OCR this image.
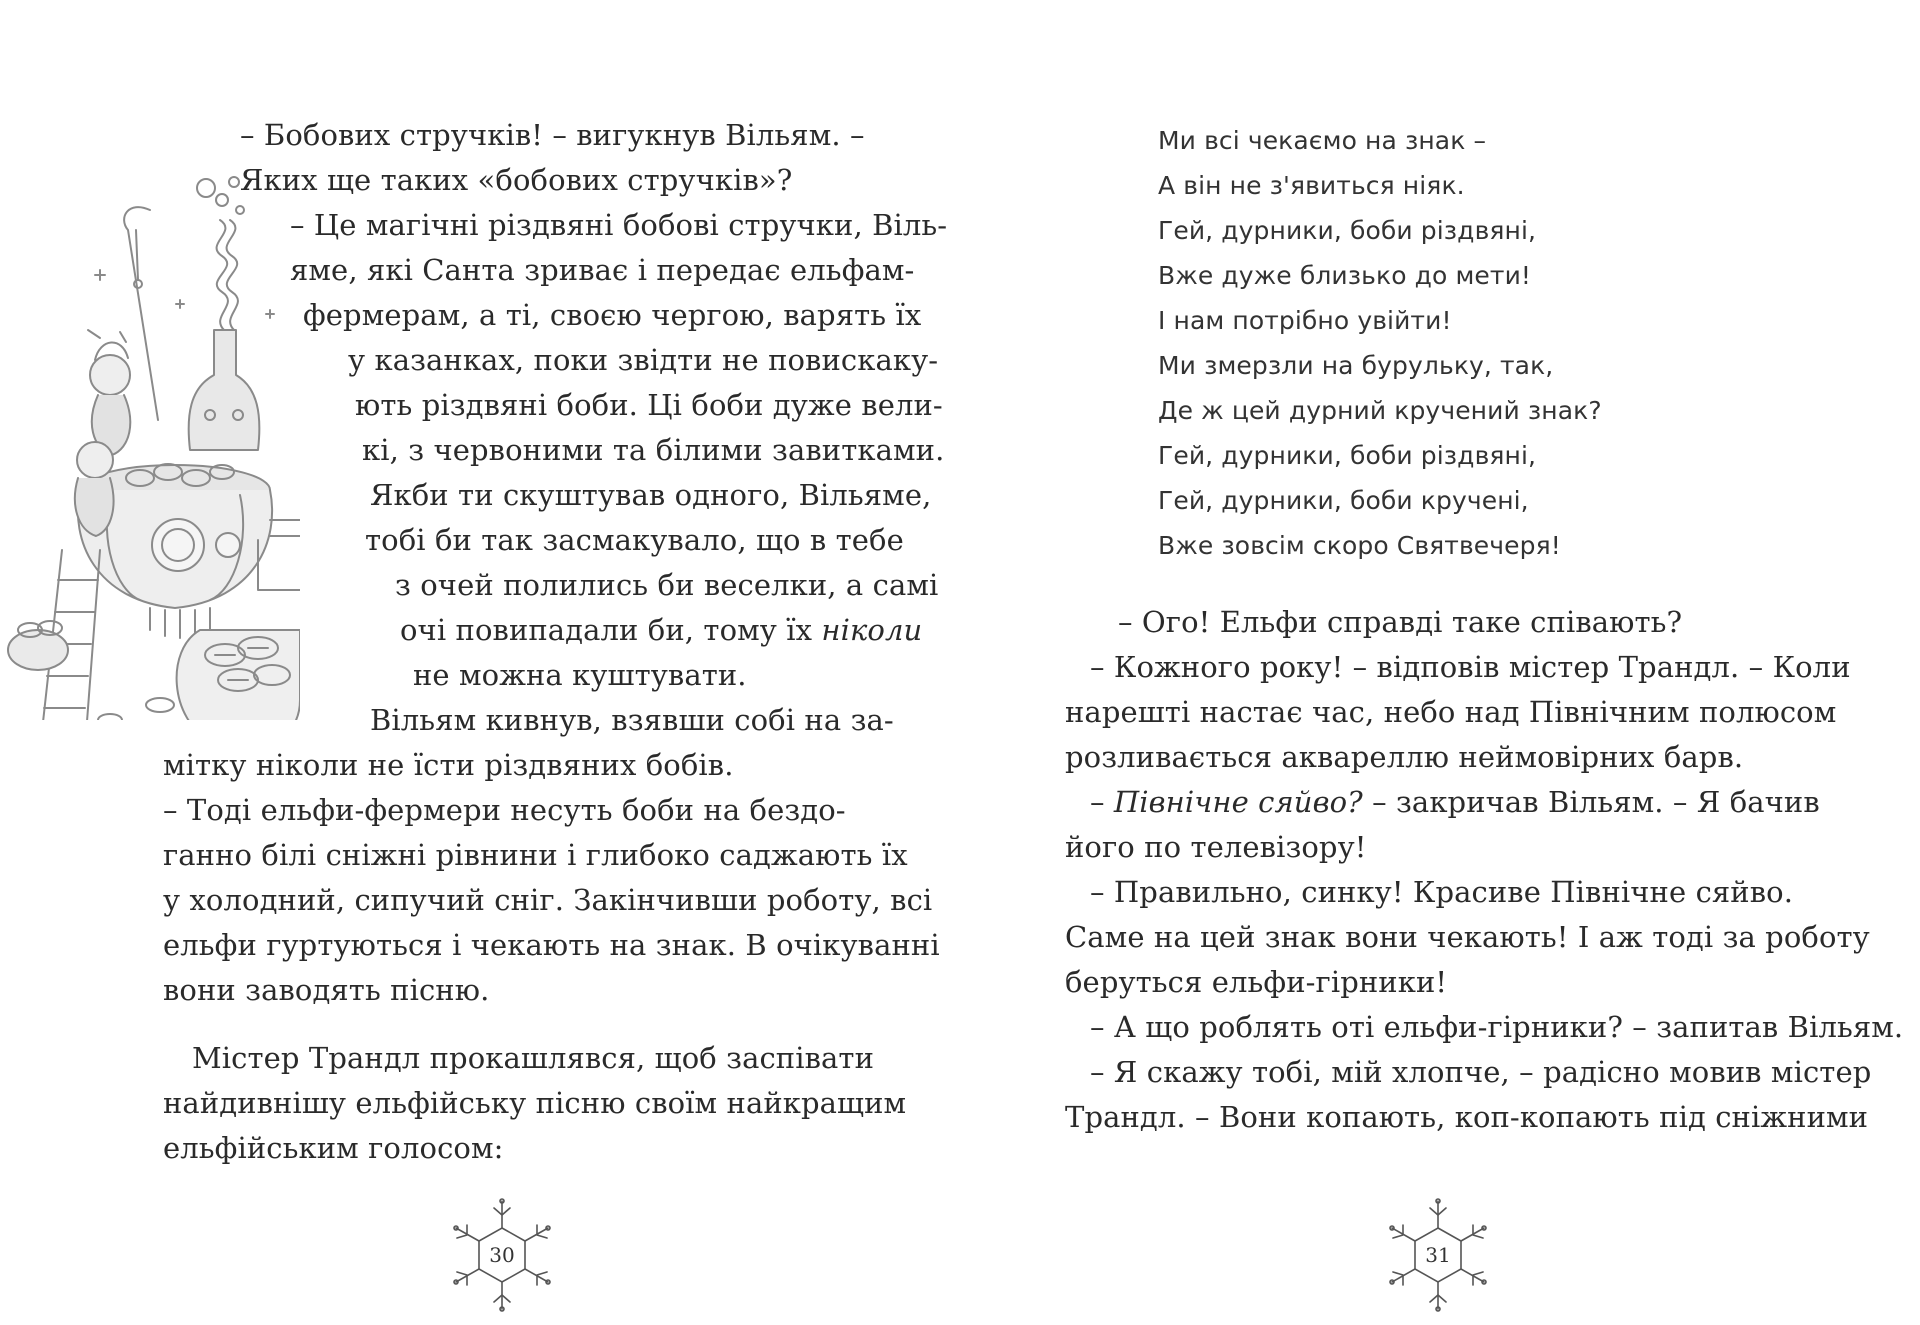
– Бобових стручків! – вигукнув Вільям. –
Яких ще таких «бобових стручків»?
– Це магічні різдвяні бобові стручки, Віль-
яме, які Санта зриває і передає ельфам-
фермерам, а ті, своєю чергою, варять їх
у казанках, поки звідти не повискаку-
ють різдвяні боби. Ці боби дуже вели-
кі, з червоними та білими завитками.
Якби ти скуштував одного, Вільяме,
тобі би так засмакувало, що в тебе
з очей полились би веселки, а самі
очі повипадали би, тому їх ніколи
не можна куштувати.
Вільям кивнув, взявши собі на за-
мітку ніколи не їсти різдвяних бобів.
– Тоді ельфи-фермери несуть боби на бездо-
ганно білі сніжні рівнини і глибоко саджають їх
у холодний, сипучий сніг. Закінчивши роботу, всі
ельфи гуртуються і чекають на знак. В очікуванні
вони заводять пісню.
Містер Трандл прокашлявся, щоб заспівати
найдивнішу ельфійську пісню своїм найкращим
ельфійським голосом:
30
Ми всі чекаємо на знак –
А він не з'явиться ніяк.
Гей, дурники, боби різдвяні,
Вже дуже близько до мети!
І нам потрібно увійти!
Ми змерзли на бурульку, так,
Де ж цей дурний кручений знак?
Гей, дурники, боби різдвяні,
Гей, дурники, боби кручені,
Вже зовсім скоро Святвечеря!
– Ого! Ельфи справді таке співають?
– Кожного року! – відповів містер Трандл. – Коли
нарешті настає час, небо над Північним полюсом
розливається аквареллю неймовірних барв.
– Північне сяйво? – закричав Вільям. – Я бачив
його по телевізору!
– Правильно, синку! Красиве Північне сяйво.
Саме на цей знак вони чекають! І аж тоді за роботу
беруться ельфи-гірники!
– А що роблять оті ельфи-гірники? – запитав Вільям.
– Я скажу тобі, мій хлопче, – радісно мовив містер
Трандл. – Вони копають, коп-копають під сніжними
31
